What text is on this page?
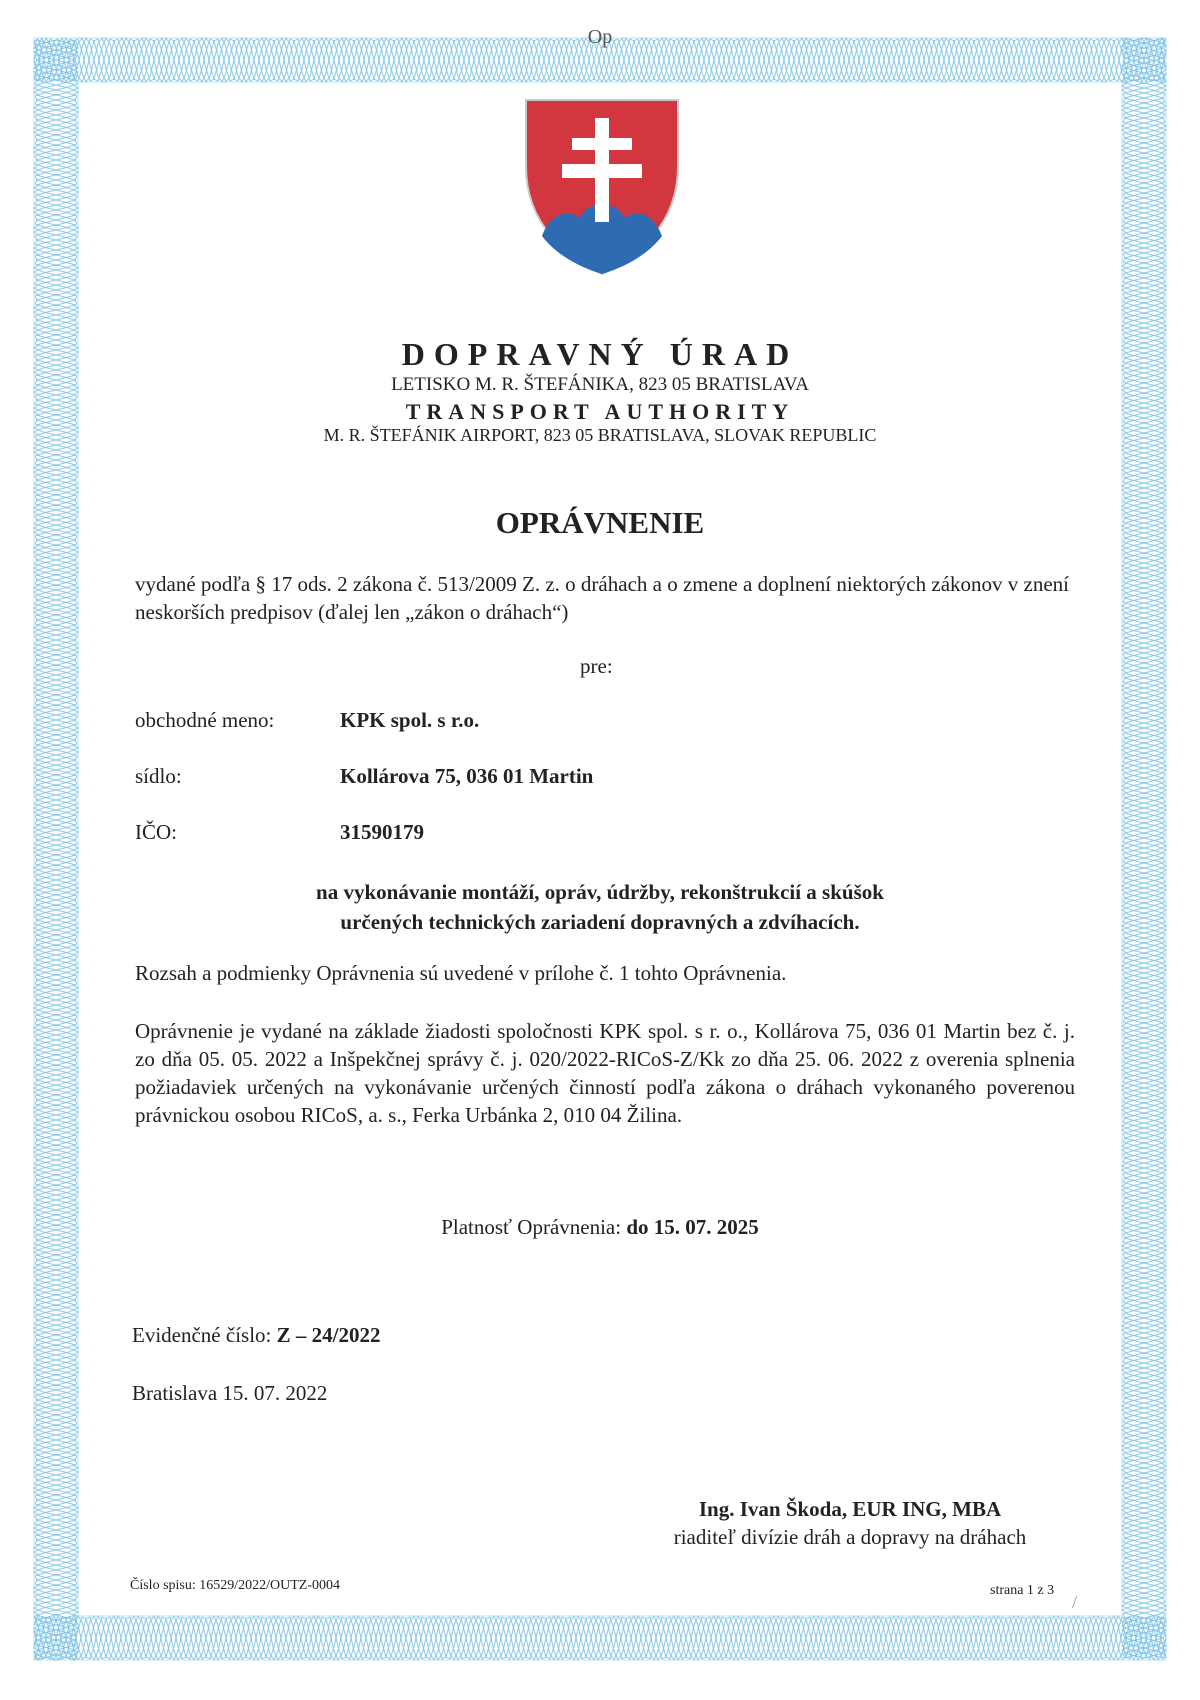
Op
DOPRAVNÝ ÚRAD
LETISKO M. R. ŠTEFÁNIKA, 823 05 BRATISLAVA
TRANSPORT AUTHORITY
M. R. ŠTEFÁNIK AIRPORT, 823 05 BRATISLAVA, SLOVAK REPUBLIC
OPRÁVNENIE
vydané podľa § 17 ods. 2 zákona č. 513/2009 Z. z. o dráhach a o zmene a doplnení niektorých zákonov v znení neskorších predpisov (ďalej len „zákon o dráhach“)
pre:
obchodné meno:	KPK spol. s r.o.
sídlo:	Kollárova 75, 036 01 Martin
IČO:	31590179
na vykonávanie montáží, opráv, údržby, rekonštrukcií a skúšok
určených technických zariadení dopravných a zdvíhacích.
Rozsah a podmienky Oprávnenia sú uvedené v prílohe č. 1 tohto Oprávnenia.
Oprávnenie je vydané na základe žiadosti spoločnosti KPK spol. s r. o., Kollárova 75, 036 01 Martin bez č. j. zo dňa 05. 05. 2022 a Inšpekčnej správy č. j. 020/2022-RICoS-Z/Kk zo dňa 25. 06. 2022 z overenia splnenia požiadaviek určených na vykonávanie určených činností podľa zákona o dráhach vykonaného poverenou právnickou osobou RICoS, a. s., Ferka Urbánka 2, 010 04 Žilina.
Platnosť Oprávnenia: do 15. 07. 2025
Evidenčné číslo: Z – 24/2022
Bratislava 15. 07. 2022
Ing. Ivan Škoda, EUR ING, MBA
riaditeľ divízie dráh a dopravy na dráhach
Číslo spisu: 16529/2022/OUTZ-0004	strana 1 z 3
/
